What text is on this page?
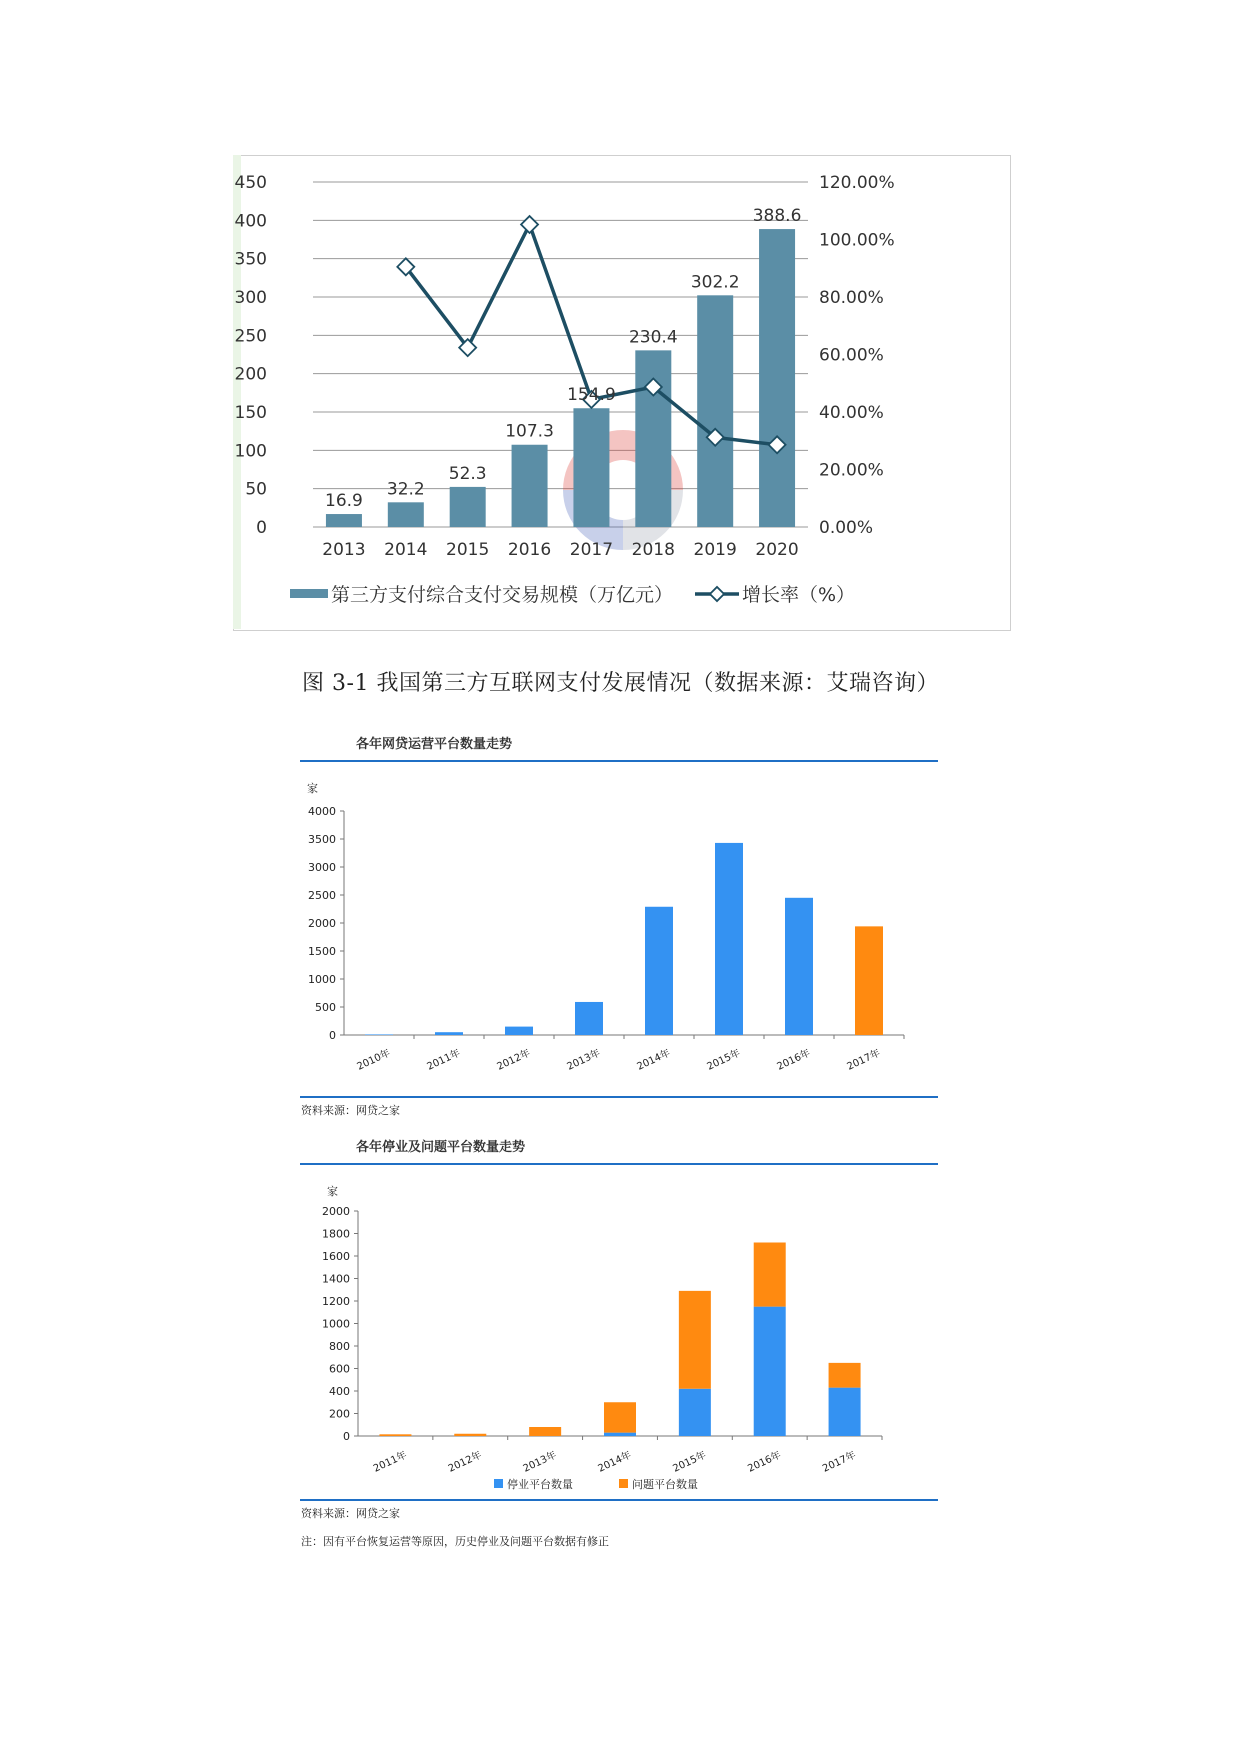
450
400
350
300
250
200
150
100
50
0
120.00%
100.00%
80.00%
60.00%
40.00%
20.00%
0.00%
16.9
2013
32.2
2014
52.3
2015
107.3
2016
154.9
2017
230.4
2018
302.2
2019
388.6
2020
第三方支付综合支付交易规模（万亿元）	增长率（%）
图 3-1 我国第三方互联网支付发展情况（数据来源：艾瑞咨询）
各年网贷运营平台数量走势
家
4000
3500
3000
2500
2000
1500
1000
500
0
2010年	2011年	2012年	2013年	2014年	2015年	2016年	2017年
资料来源：网贷之家
各年停业及问题平台数量走势
家
2000
1800
1600
1400
1200
1000
800
600
400
200
0
2011年	2012年	2013年	2014年	2015年	2016年	2017年
停业平台数量	问题平台数量
资料来源：网贷之家
注：因有平台恢复运营等原因，历史停业及问题平台数据有修正
